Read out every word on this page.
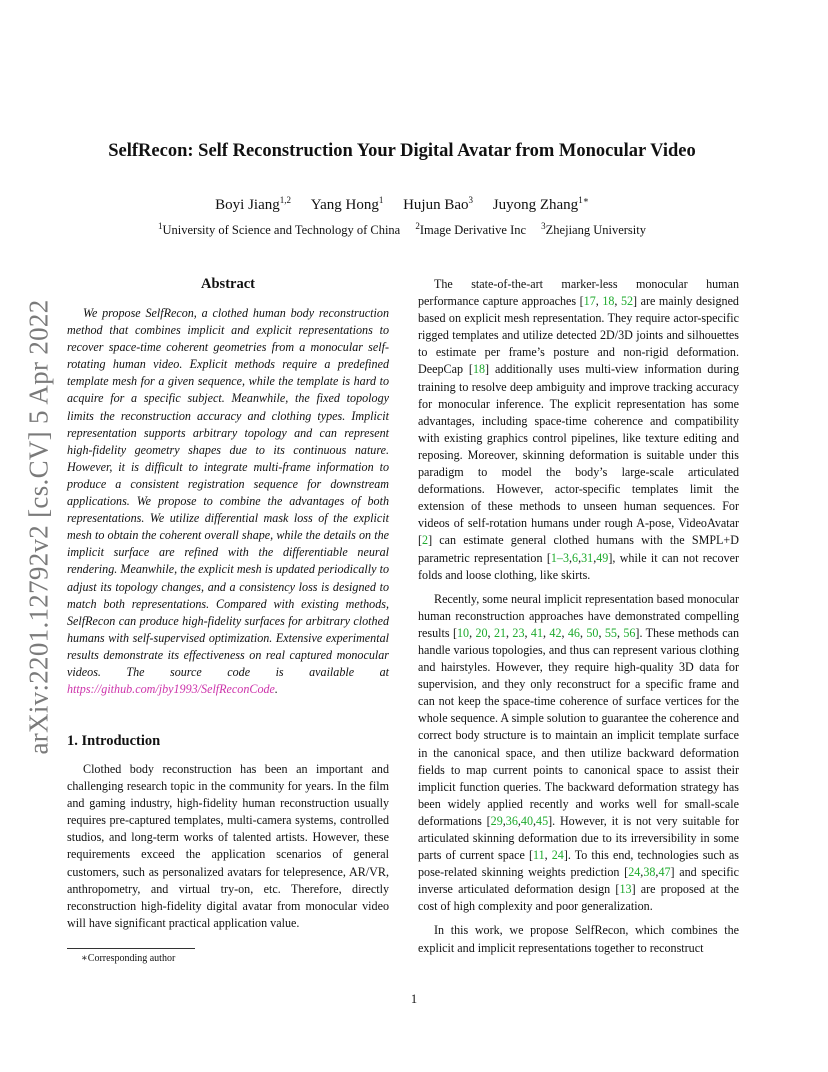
arXiv:2201.12792v2 [cs.CV] 5 Apr 2022
SelfRecon: Self Reconstruction Your Digital Avatar from Monocular Video
Boyi Jiang$^{1,2}$ Yang Hong$^1$ Hujun Bao$^3$ Juyong Zhang$^{1∗}$
$^1$University of Science and Technology of China $^2$Image Derivative Inc $^3$Zhejiang University
Abstract

We propose SelfRecon, a clothed human body reconstruction method that combines implicit and explicit representations to recover space-time coherent geometries from a monocular self-rotating human video. Explicit methods require a predefined template mesh for a given sequence, while the template is hard to acquire for a specific subject. Meanwhile, the fixed topology limits the reconstruction accuracy and clothing types. Implicit representation supports arbitrary topology and can represent high-fidelity geometry shapes due to its continuous nature. However, it is difficult to integrate multi-frame information to produce a consistent registration sequence for downstream applications. We propose to combine the advantages of both representations. We utilize differential mask loss of the explicit mesh to obtain the coherent overall shape, while the details on the implicit surface are refined with the differentiable neural rendering. Meanwhile, the explicit mesh is updated periodically to adjust its topology changes, and a consistency loss is designed to match both representations. Compared with existing methods, SelfRecon can produce high-fidelity surfaces for arbitrary clothed humans with self-supervised optimization. Extensive experimental results demonstrate its effectiveness on real captured monocular videos. The source code is available at https://github.com/jby1993/SelfReconCode.

1. Introduction

Clothed body reconstruction has been an important and challenging research topic in the community for years. In the film and gaming industry, high-fidelity human reconstruction usually requires pre-captured templates, multi-camera systems, controlled studios, and long-term works of talented artists. However, these requirements exceed the application scenarios of general customers, such as personalized avatars for telepresence, AR/VR, anthropometry, and virtual try-on, etc. Therefore, directly reconstruction high-fidelity digital avatar from monocular video will have significant practical application value.

∗Corresponding author

The state-of-the-art marker-less monocular human performance capture approaches [17, 18, 52] are mainly designed based on explicit mesh representation. They require actor-specific rigged templates and utilize detected 2D/3D joints and silhouettes to estimate per frame’s posture and non-rigid deformation. DeepCap [18] additionally uses multi-view information during training to resolve deep ambiguity and improve tracking accuracy for monocular inference. The explicit representation has some advantages, including space-time coherence and compatibility with existing graphics control pipelines, like texture editing and reposing. Moreover, skinning deformation is suitable under this paradigm to model the body’s large-scale articulated deformations. However, actor-specific templates limit the extension of these methods to unseen human sequences. For videos of self-rotation humans under rough A-pose, VideoAvatar [2] can estimate general clothed humans with the SMPL+D parametric representation [1–3,6,31,49], while it can not recover folds and loose clothing, like skirts.

Recently, some neural implicit representation based monocular human reconstruction approaches have demonstrated compelling results [10, 20, 21, 23, 41, 42, 46, 50, 55, 56]. These methods can handle various topologies, and thus can represent various clothing and hairstyles. However, they require high-quality 3D data for supervision, and they only reconstruct for a specific frame and can not keep the space-time coherence of surface vertices for the whole sequence. A simple solution to guarantee the coherence and correct body structure is to maintain an implicit template surface in the canonical space, and then utilize backward deformation fields to map current points to canonical space to assist their implicit function queries. The backward deformation strategy has been widely applied recently and works well for small-scale deformations [29,36,40,45]. However, it is not very suitable for articulated skinning deformation due to its irreversibility in some parts of current space [11, 24]. To this end, technologies such as pose-related skinning weights prediction [24,38,47] and specific inverse articulated deformation design [13] are proposed at the cost of high complexity and poor generalization.

In this work, we propose SelfRecon, which combines the explicit and implicit representations together to reconstruct

1
